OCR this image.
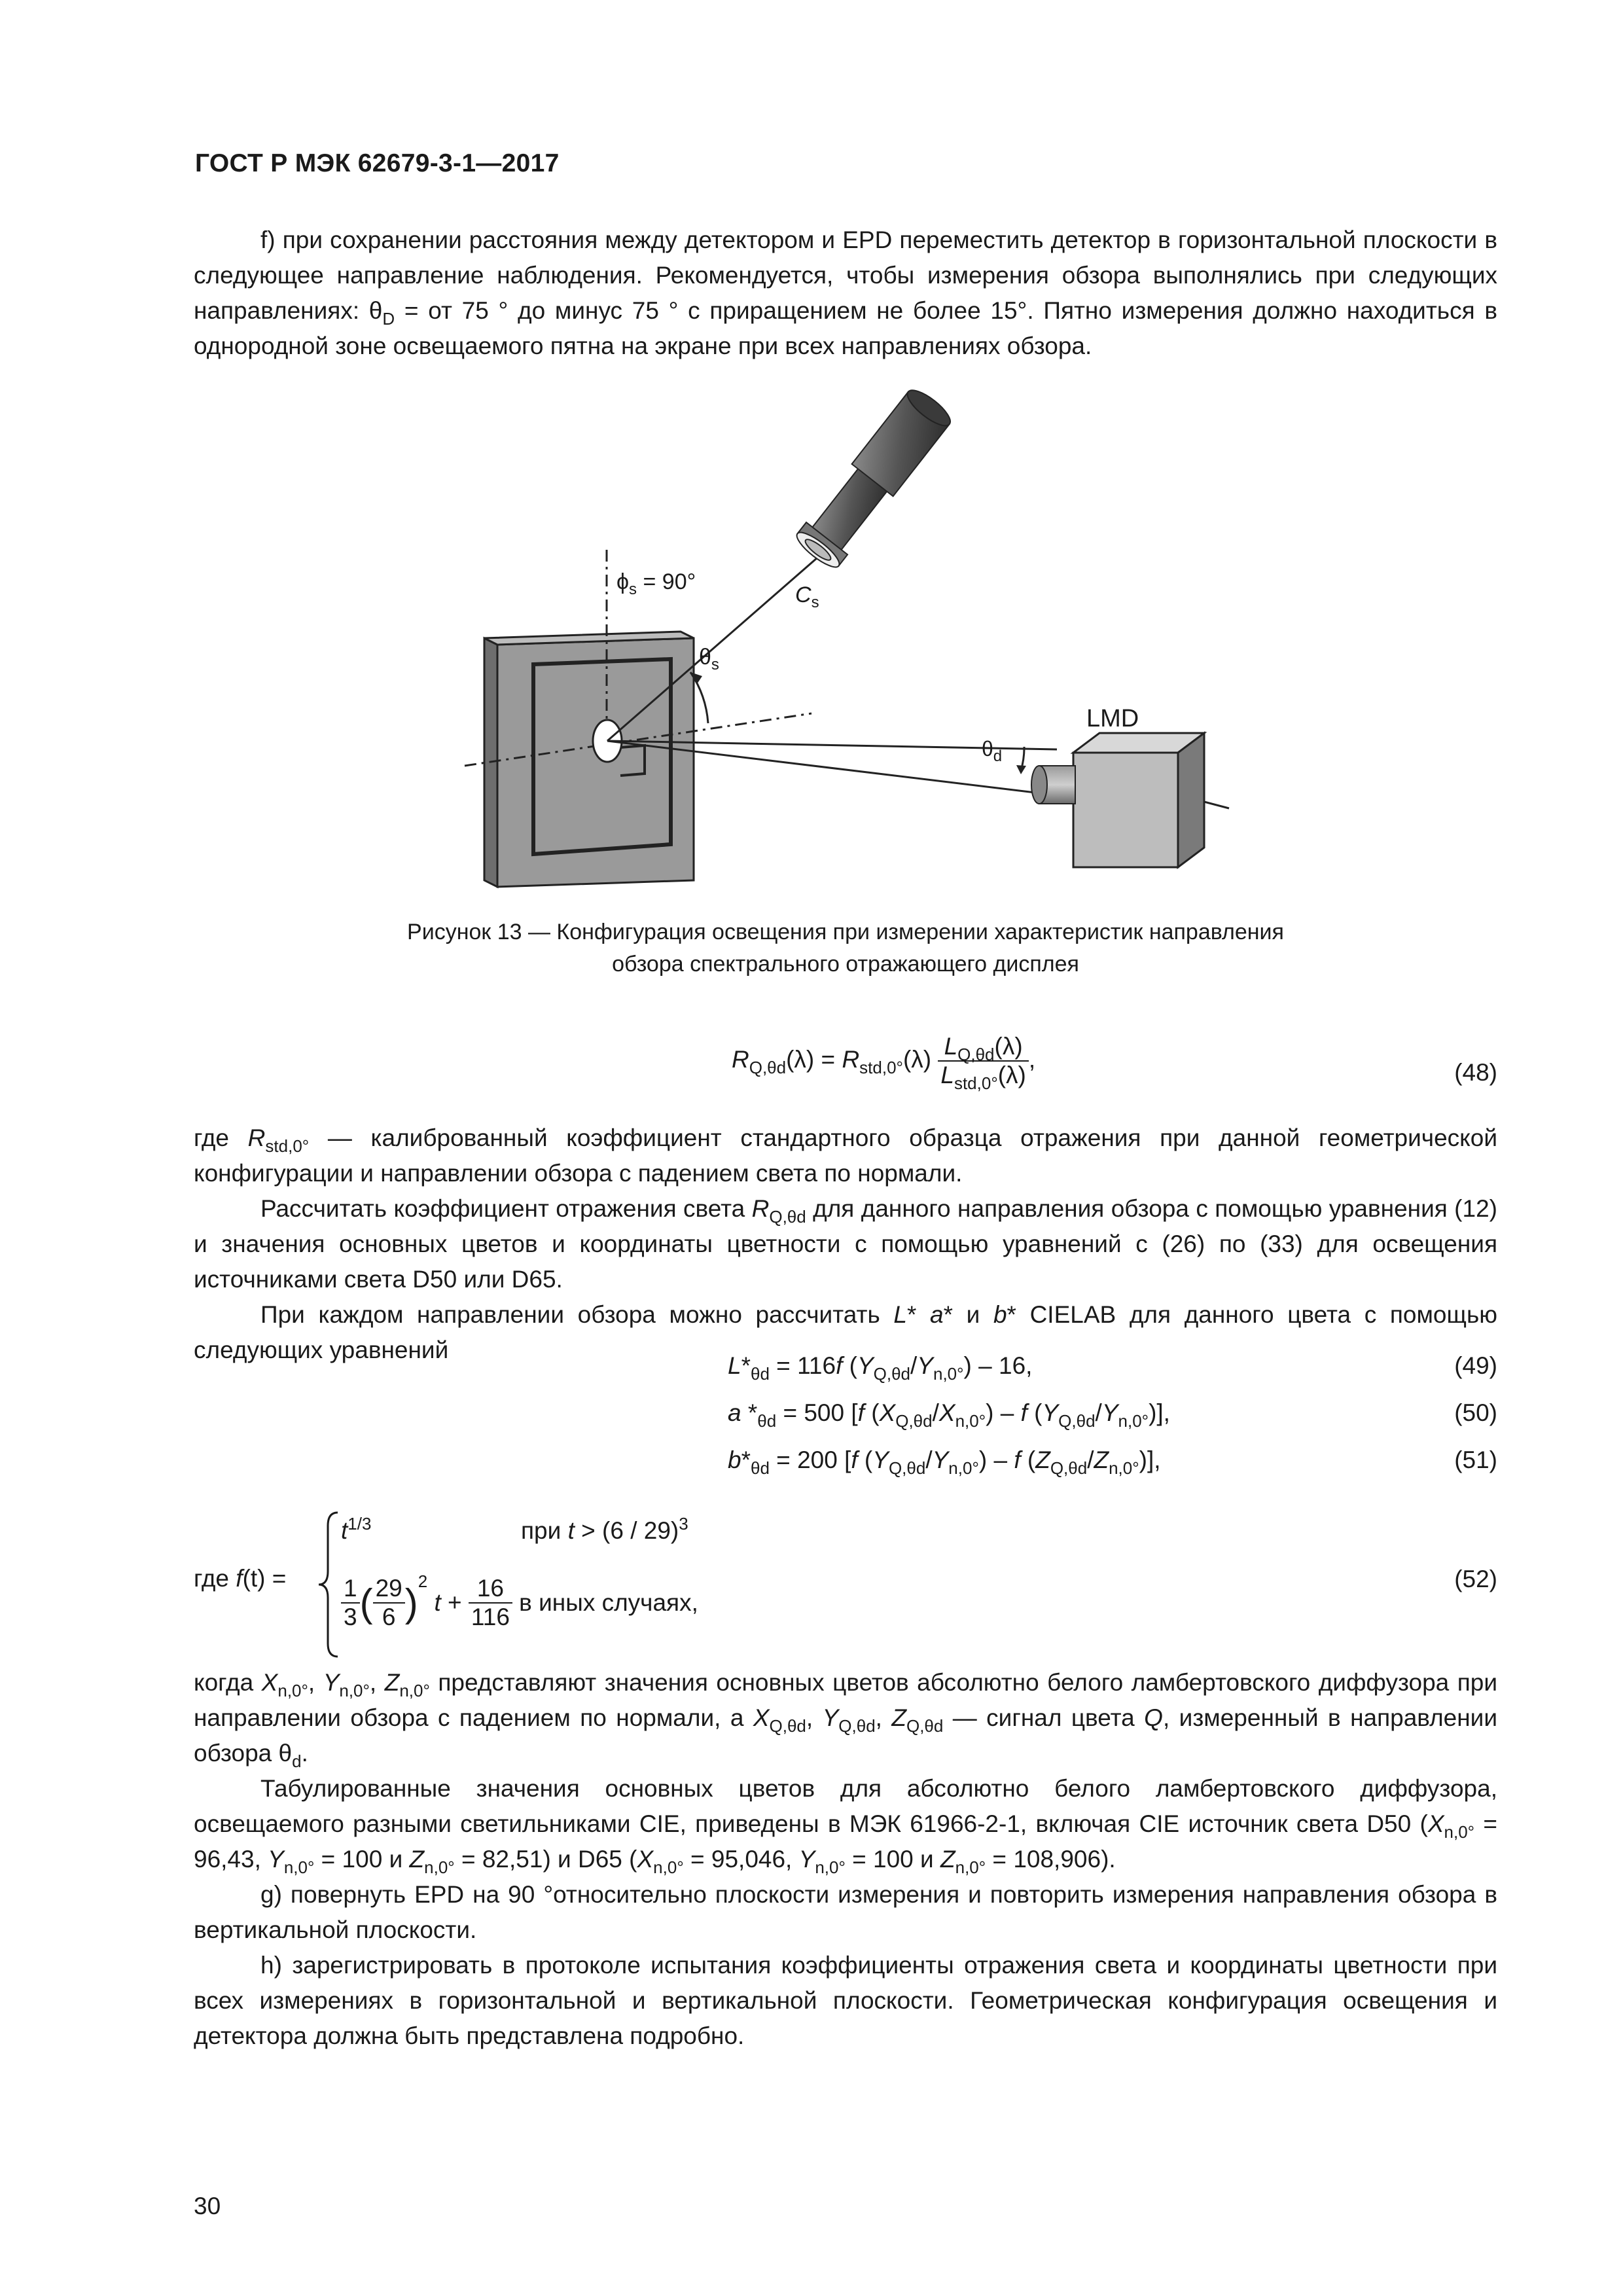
ГОСТ Р МЭК 62679-3-1—2017
f) при сохранении расстояния между детектором и EPD переместить детектор в горизонтальной плоскости в следующее направление наблюдения. Рекомендуется, чтобы измерения обзора выполнялись при следующих направлениях: $\theta_D$ = от 75 ° до минус 75 ° с приращением не более 15°. Пятно измерения должно находиться в однородной зоне освещаемого пятна на экране при всех направлениях обзора.
$\phi_s = 90^\circ$
$C_s$
$\theta_s$
$\theta_d$
LMD
Рисунок 13 — Конфигурация освещения при измерении характеристик направления
обзора спектрального отражающего дисплея
$R_{Q,\theta d}(\lambda) = R_{std,0^\circ}(\lambda) \frac{L_{Q,\theta d}(\lambda)}{L_{std,0^\circ}(\lambda)}$ ,	(48)
где $R_{std,0^\circ}$ — калиброванный коэффициент стандартного образца отражения при данной геометрической конфигурации и направлении обзора с падением света по нормали.
Рассчитать коэффициент отражения света $R_{Q,\theta d}$ для данного направления обзора с помощью уравнения (12) и значения основных цветов и координаты цветности с помощью уравнений с (26) по (33) для освещения источниками света D50 или D65.
При каждом направлении обзора можно рассчитать L* a* и b* CIELAB для данного цвета с помощью следующих уравнений
$L*_{\theta d} = 116f$ $(Y_{Q,\theta d}/Y_{n,0^\circ}) - 16$,	(49)
a $*_{\theta d} = 500$ [f $(X_{Q,\theta d}/X_{n,0^\circ})$ – f $(Y_{Q,\theta d}/Y_{n,0^\circ})$],	(50)
$b*_{\theta d} = 200$ [f $(Y_{Q,\theta d}/Y_{n,0^\circ})$ – f $(Z_{Q,\theta d}/Z_{n,0^\circ})$],	(51)
где f(t) =
$t^{1/3}$	при t > (6 / 29)$^3$
$\frac{1}{3}$ ( $\frac{29}{6} )^2$ $t + \frac{16}{116}$ в иных случаях,
(52)
когда $X_{n,0^\circ}$, $Y_{n,0^\circ}$, $Z_{n,0^\circ}$ представляют значения основных цветов абсолютно белого ламбертовского диффузора при направлении обзора с падением по нормали, а $X_{Q,\theta d}$, $Y_{Q,\theta d}$, $Z_{Q,\theta d}$ — сигнал цвета Q, измеренный в направлении обзора $\theta_d$.
Табулированные значения основных цветов для абсолютно белого ламбертовского диффузора, освещаемого разными светильниками CIE, приведены в МЭК 61966-2-1, включая CIE источник света D50 ($X_{n,0^\circ} = 96,43$, $Y_{n,0^\circ} = 100$ и $Z_{n,0^\circ} = 82,51$) и D65 ($X_{n,0^\circ} = 95,046$, $Y_{n,0^\circ} = 100$ и $Z_{n,0^\circ} = 108,906$).
g) повернуть EPD на 90 °относительно плоскости измерения и повторить измерения направления обзора в вертикальной плоскости.
h) зарегистрировать в протоколе испытания коэффициенты отражения света и координаты цветности при всех измерениях в горизонтальной и вертикальной плоскости. Геометрическая конфигурация освещения и детектора должна быть представлена подробно.
30
